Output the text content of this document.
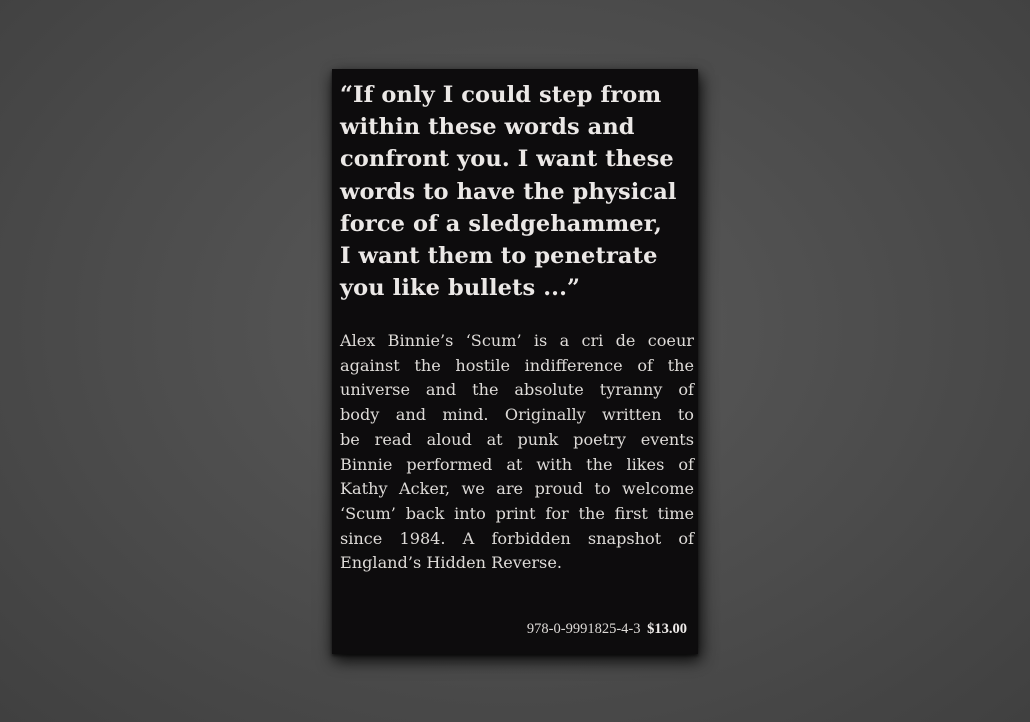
“If only I could step from
within these words and
confront you. I want these
words to have the physical
force of a sledgehammer,
I want them to penetrate
you like bullets ...”

Alex Binnie’s ‘Scum’ is a cri de coeur
against the hostile indifference of the
universe and the absolute tyranny of
body and mind. Originally written to
be read aloud at punk poetry events
Binnie performed at with the likes of
Kathy Acker, we are proud to welcome
‘Scum’ back into print for the first time
since 1984. A forbidden snapshot of
England’s Hidden Reverse.

978-0-9991825-4-3 $13.00
